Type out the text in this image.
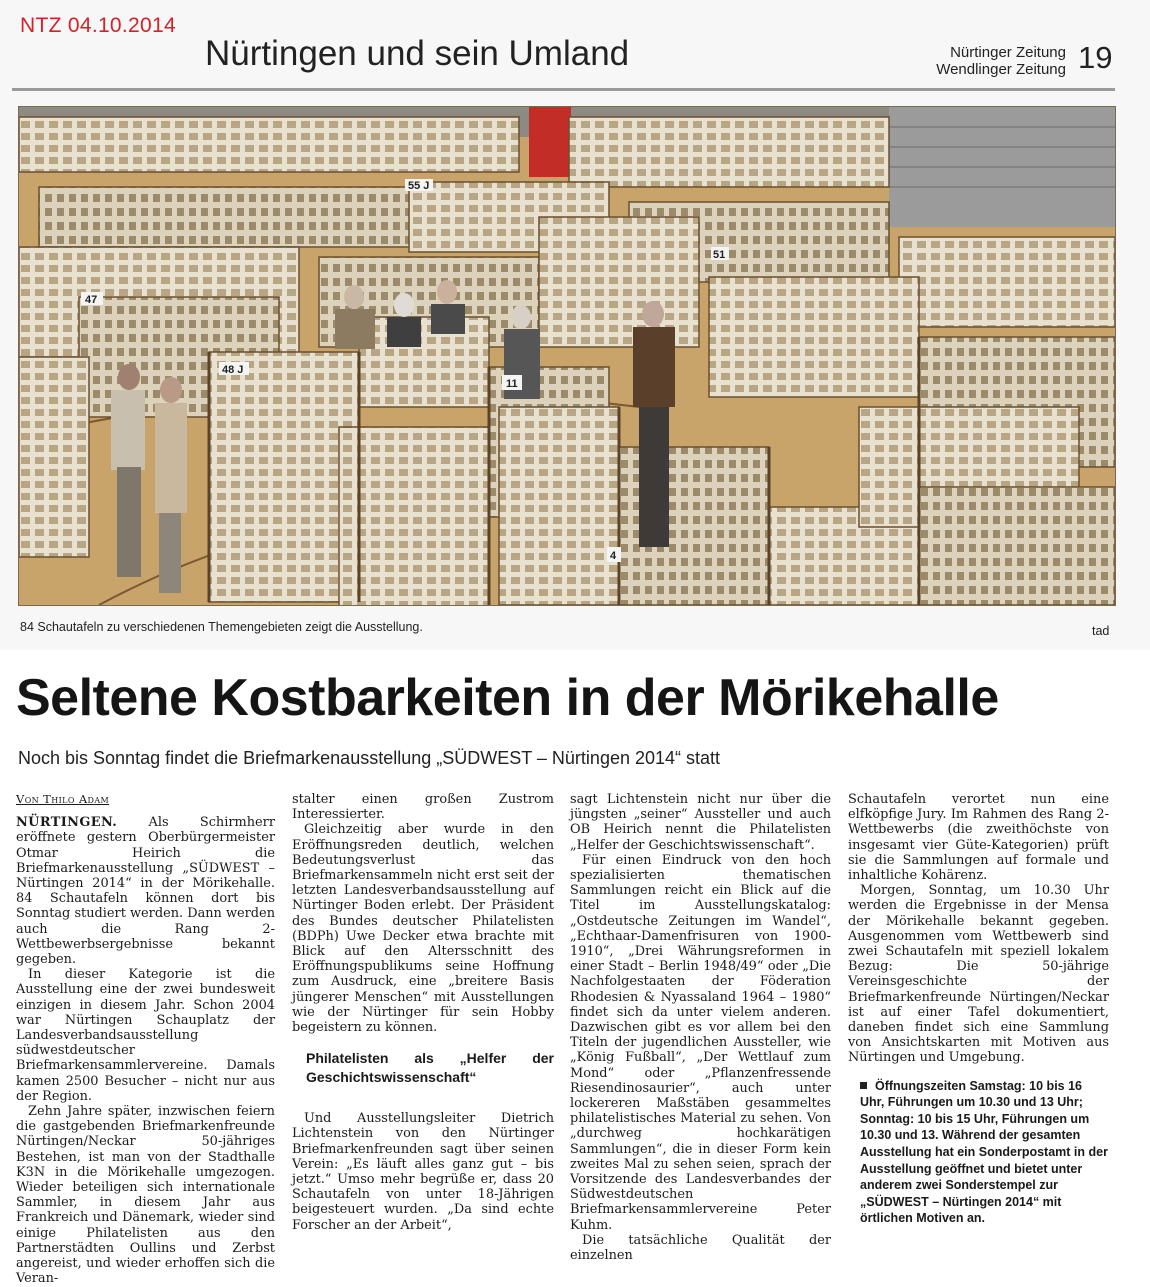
NTZ 04.10.2014
Nürtingen und sein Umland	Nürtinger Zeitung
Wendlinger Zeitung 19
47
48 J
11
4
51
55 J
84 Schautafeln zu verschiedenen Themengebieten zeigt die Ausstellung.	tad
Seltene Kostbarkeiten in der Mörikehalle
Noch bis Sonntag findet die Briefmarkenausstellung „SÜDWEST – Nürtingen 2014“ statt
Von Thilo Adam

NÜRTINGEN. Als Schirmherr eröffnete gestern Oberbürgermeister Otmar Heirich die Briefmarkenausstellung „SÜDWEST – Nürtingen 2014“ in der Mörikehalle. 84 Schautafeln können dort bis Sonntag studiert werden. Dann werden auch die Rang 2-Wettbewerbsergebnisse bekannt gegeben.

In dieser Kategorie ist die Ausstellung eine der zwei bundesweit einzigen in diesem Jahr. Schon 2004 war Nürtingen Schauplatz der Landesverbandsausstellung südwestdeutscher Briefmarkensammlervereine. Damals kamen 2500 Besucher – nicht nur aus der Region.

Zehn Jahre später, inzwischen feiern die gastgebenden Briefmarkenfreunde Nürtingen/Neckar 50-jähriges Bestehen, ist man von der Stadthalle K3N in die Mörikehalle umgezogen. Wieder beteiligen sich internationale Sammler, in diesem Jahr aus Frankreich und Dänemark, wieder sind einige Philatelisten aus den Partnerstädten Oullins und Zerbst angereist, und wieder erhoffen sich die Veran-

stalter einen großen Zustrom Interessierter.

Gleichzeitig aber wurde in den Eröffnungsreden deutlich, welchen Bedeutungsverlust das Briefmarkensammeln nicht erst seit der letzten Landesverbandsausstellung auf Nürtinger Boden erlebt. Der Präsident des Bundes deutscher Philatelisten (BDPh) Uwe Decker etwa brachte mit Blick auf den Altersschnitt des Eröffnungspublikums seine Hoffnung zum Ausdruck, eine „breitere Basis jüngerer Menschen“ mit Ausstellungen wie der Nürtinger für sein Hobby begeistern zu können.

Philatelisten als „Helfer der Geschichtswissenschaft“

Und Ausstellungsleiter Dietrich Lichtenstein von den Nürtinger Briefmarkenfreunden sagt über seinen Verein: „Es läuft alles ganz gut – bis jetzt.“ Umso mehr begrüße er, dass 20 Schautafeln von unter 18-Jährigen beigesteuert wurden. „Da sind echte Forscher an der Arbeit“,

sagt Lichtenstein nicht nur über die jüngsten „seiner“ Aussteller und auch OB Heirich nennt die Philatelisten „Helfer der Geschichtswissenschaft“.

Für einen Eindruck von den hoch spezialisierten thematischen Sammlungen reicht ein Blick auf die Titel im Ausstellungskatalog: „Ostdeutsche Zeitungen im Wandel“, „Echthaar-Damenfrisuren von 1900-1910“, „Drei Währungsreformen in einer Stadt – Berlin 1948/49“ oder „Die Nachfolgestaaten der Föderation Rhodesien & Nyassaland 1964 – 1980“ findet sich da unter vielem anderen. Dazwischen gibt es vor allem bei den Titeln der jugendlichen Aussteller, wie „König Fußball“, „Der Wettlauf zum Mond“ oder „Pflanzenfressende Riesendinosaurier“, auch unter lockereren Maßstäben gesammeltes philatelistisches Material zu sehen. Von „durchweg hochkarätigen Sammlungen“, die in dieser Form kein zweites Mal zu sehen seien, sprach der Vorsitzende des Landesverbandes der Südwestdeutschen Briefmarkensammlervereine Peter Kuhm.

Die tatsächliche Qualität der einzelnen

Schautafeln verortet nun eine elfköpfige Jury. Im Rahmen des Rang 2-Wettbewerbs (die zweithöchste von insgesamt vier Güte-Kategorien) prüft sie die Sammlungen auf formale und inhaltliche Kohärenz.

Morgen, Sonntag, um 10.30 Uhr werden die Ergebnisse in der Mensa der Mörikehalle bekannt gegeben. Ausgenommen vom Wettbewerb sind zwei Schautafeln mit speziell lokalem Bezug: Die 50-jährige Vereinsgeschichte der Briefmarkenfreunde Nürtingen/Neckar ist auf einer Tafel dokumentiert, daneben findet sich eine Sammlung von Ansichtskarten mit Motiven aus Nürtingen und Umgebung.

Öffnungszeiten Samstag: 10 bis 16 Uhr, Führungen um 10.30 und 13 Uhr; Sonntag: 10 bis 15 Uhr, Führungen um 10.30 und 13. Während der gesamten Ausstellung hat ein Sonderpostamt in der Ausstellung geöffnet und bietet unter anderem zwei Sonderstempel zur „SÜDWEST – Nürtingen 2014“ mit örtlichen Motiven an.
